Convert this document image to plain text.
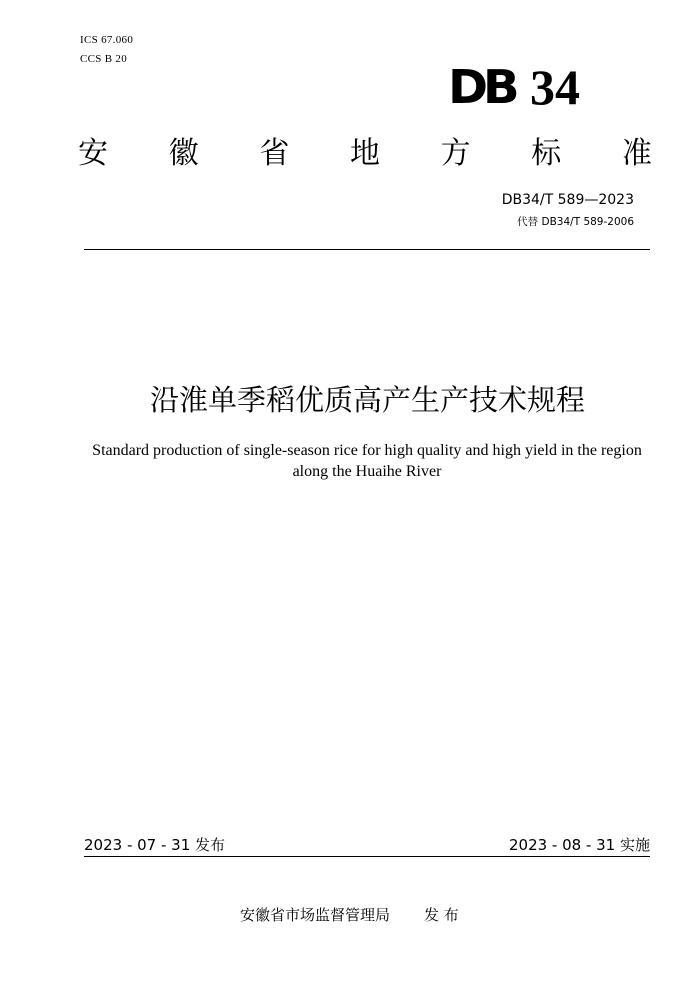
ICS 67.060
CCS B 20
DB 34
安 徽 省 地 方 标 准
DB34/T 589—2023
代替 DB34/T 589-2006
沿淮单季稻优质高产生产技术规程
Standard production of single-season rice for high quality and high yield in the region
along the Huaihe River
2023 - 07 - 31 发布	2023 - 08 - 31 实施
安徽省市场监督管理局 发 布
